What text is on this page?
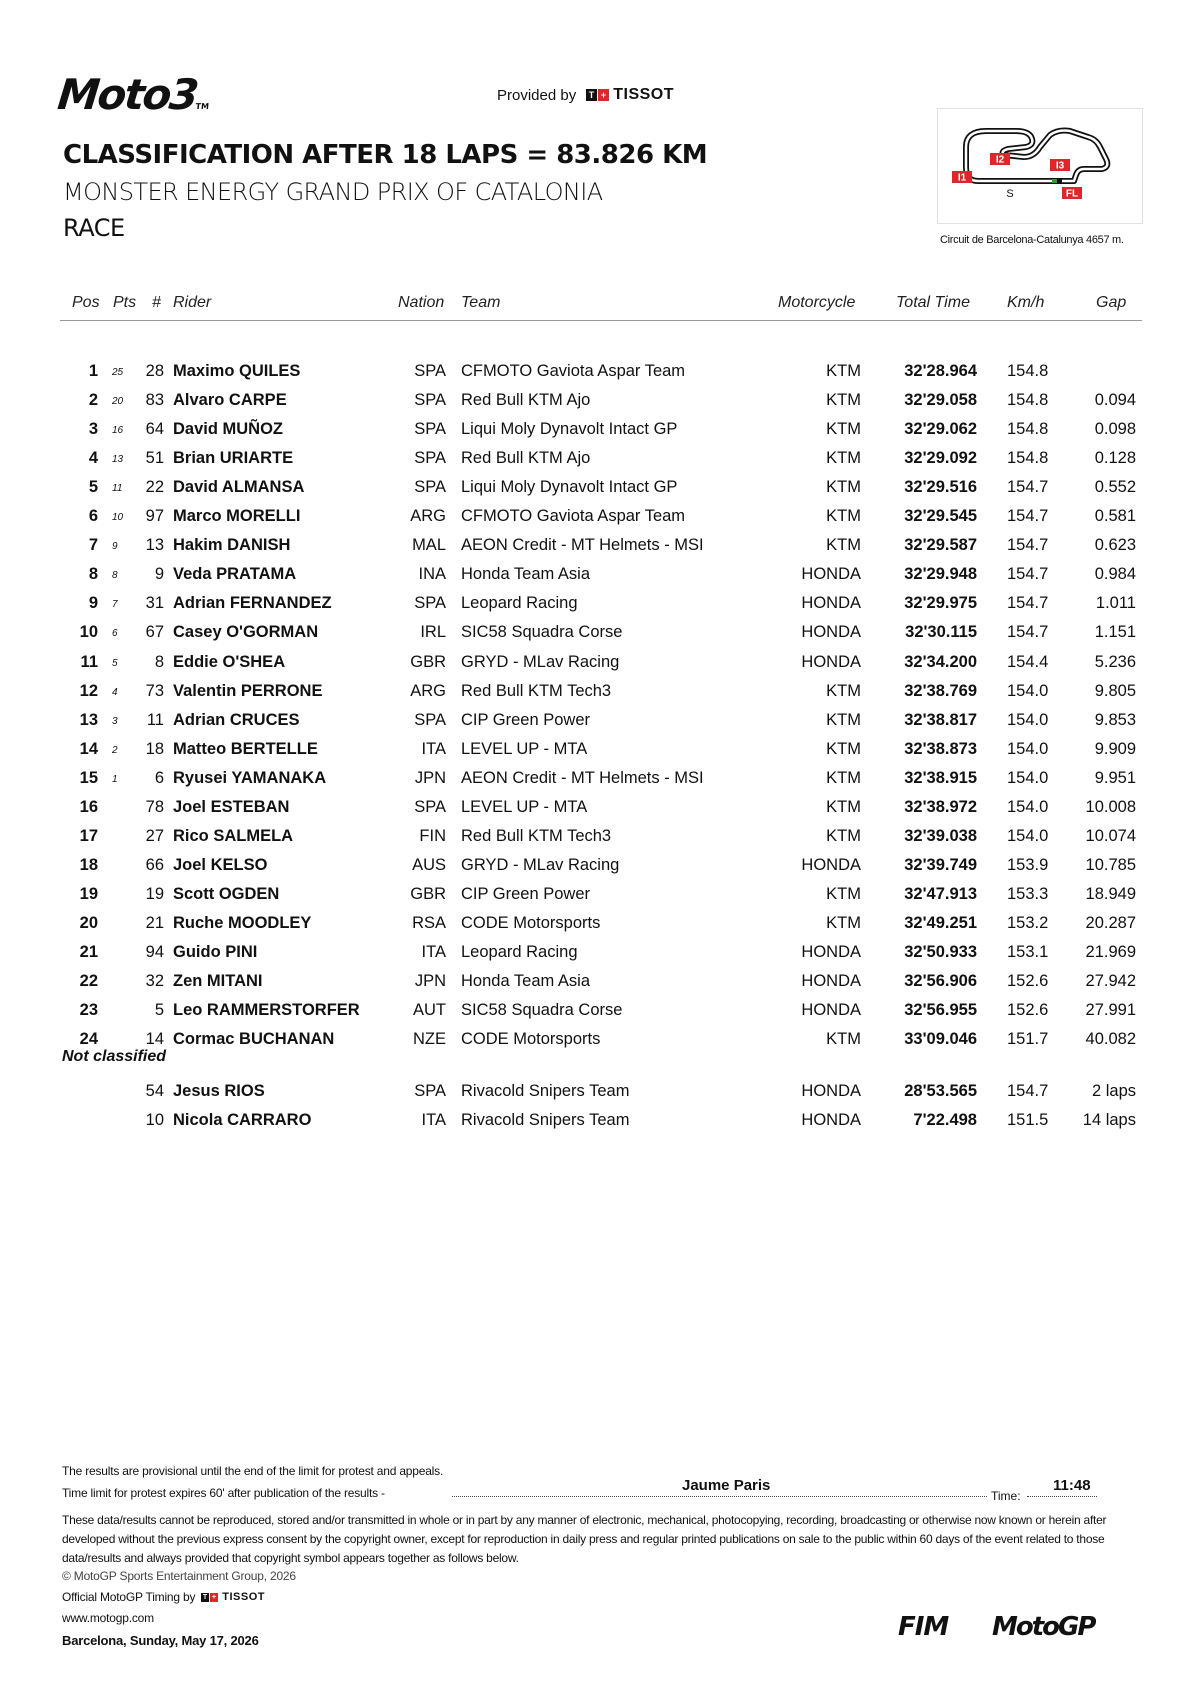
Moto3TM
Provided by T + TISSOT
CLASSIFICATION AFTER 18 LAPS = 83.826 KM
MONSTER ENERGY GRAND PRIX OF CATALONIA
RACE
I1
I2
I3
S	FL
Circuit de Barcelona-Catalunya 4657 m.
Pos Pts # Rider	Nation Team	Motorcycle	Total Time Km/h	Gap
1 25 28 Maximo QUILES	SPA CFMOTO Gaviota Aspar Team	KTM	32'28.964 154.8
2 20 83 Alvaro CARPE	SPA Red Bull KTM Ajo	KTM	32'29.058 154.8	0.094
3 16 64 David MUÑOZ	SPA Liqui Moly Dynavolt Intact GP	KTM	32'29.062 154.8	0.098
4 13 51 Brian URIARTE	SPA Red Bull KTM Ajo	KTM	32'29.092 154.8	0.128
5 11 22 David ALMANSA	SPA Liqui Moly Dynavolt Intact GP	KTM	32'29.516 154.7	0.552
6 10 97 Marco MORELLI	ARG CFMOTO Gaviota Aspar Team	KTM	32'29.545 154.7	0.581
7 9 13 Hakim DANISH	MAL AEON Credit - MT Helmets - MSI	KTM	32'29.587 154.7	0.623
8 8 9 Veda PRATAMA	INA Honda Team Asia	HONDA	32'29.948 154.7	0.984
9 7 31 Adrian FERNANDEZ	SPA Leopard Racing	HONDA	32'29.975 154.7	1.011
10 6 67 Casey O'GORMAN	IRL SIC58 Squadra Corse	HONDA	32'30.115 154.7	1.151
11 5 8 Eddie O'SHEA	GBR GRYD - MLav Racing	HONDA	32'34.200 154.4	5.236
12 4 73 Valentin PERRONE	ARG Red Bull KTM Tech3	KTM	32'38.769 154.0	9.805
13 3 11 Adrian CRUCES	SPA CIP Green Power	KTM	32'38.817 154.0	9.853
14 2 18 Matteo BERTELLE	ITA LEVEL UP - MTA	KTM	32'38.873 154.0	9.909
15 1 6 Ryusei YAMANAKA	JPN AEON Credit - MT Helmets - MSI	KTM	32'38.915 154.0	9.951
16	78 Joel ESTEBAN	SPA LEVEL UP - MTA	KTM	32'38.972 154.0 10.008
17	27 Rico SALMELA	FIN Red Bull KTM Tech3	KTM	32'39.038 154.0 10.074
18	66 Joel KELSO	AUS GRYD - MLav Racing	HONDA	32'39.749 153.9 10.785
19	19 Scott OGDEN	GBR CIP Green Power	KTM	32'47.913 153.3 18.949
20	21 Ruche MOODLEY	RSA CODE Motorsports	KTM	32'49.251 153.2 20.287
21	94 Guido PINI	ITA Leopard Racing	HONDA	32'50.933 153.1 21.969
22	32 Zen MITANI	JPN Honda Team Asia	HONDA	32'56.906 152.6 27.942
23	5 Leo RAMMERSTORFER	AUT SIC58 Squadra Corse	HONDA	32'56.955 152.6 27.991
24	14 Cormac BUCHANAN	NZE CODE Motorsports	KTM	33'09.046 151.7 40.082
54 Jesus RIOS	SPA Rivacold Snipers Team	HONDA	28'53.565 154.7	2 laps
10 Nicola CARRARO	ITA Rivacold Snipers Team	HONDA	7'22.498 151.5 14 laps
Not classified
The results are provisional until the end of the limit for protest and appeals.
Time limit for protest expires 60' after publication of the results -	Jaume Paris
Time:
11:48
These data/results cannot be reproduced, stored and/or transmitted in whole or in part by any manner of electronic, mechanical, photocopying, recording, broadcasting or otherwise now known or herein after developed without the previous express consent by the copyright owner, except for reproduction in daily press and regular printed publications on sale to the public within 60 days of the event related to those data/results and always provided that copyright symbol appears together as follows below.
© MotoGP Sports Entertainment Group, 2026
Official MotoGP Timing by T + TISSOT
www.motogp.com
Barcelona, Sunday, May 17, 2026	FIM MotoGP
